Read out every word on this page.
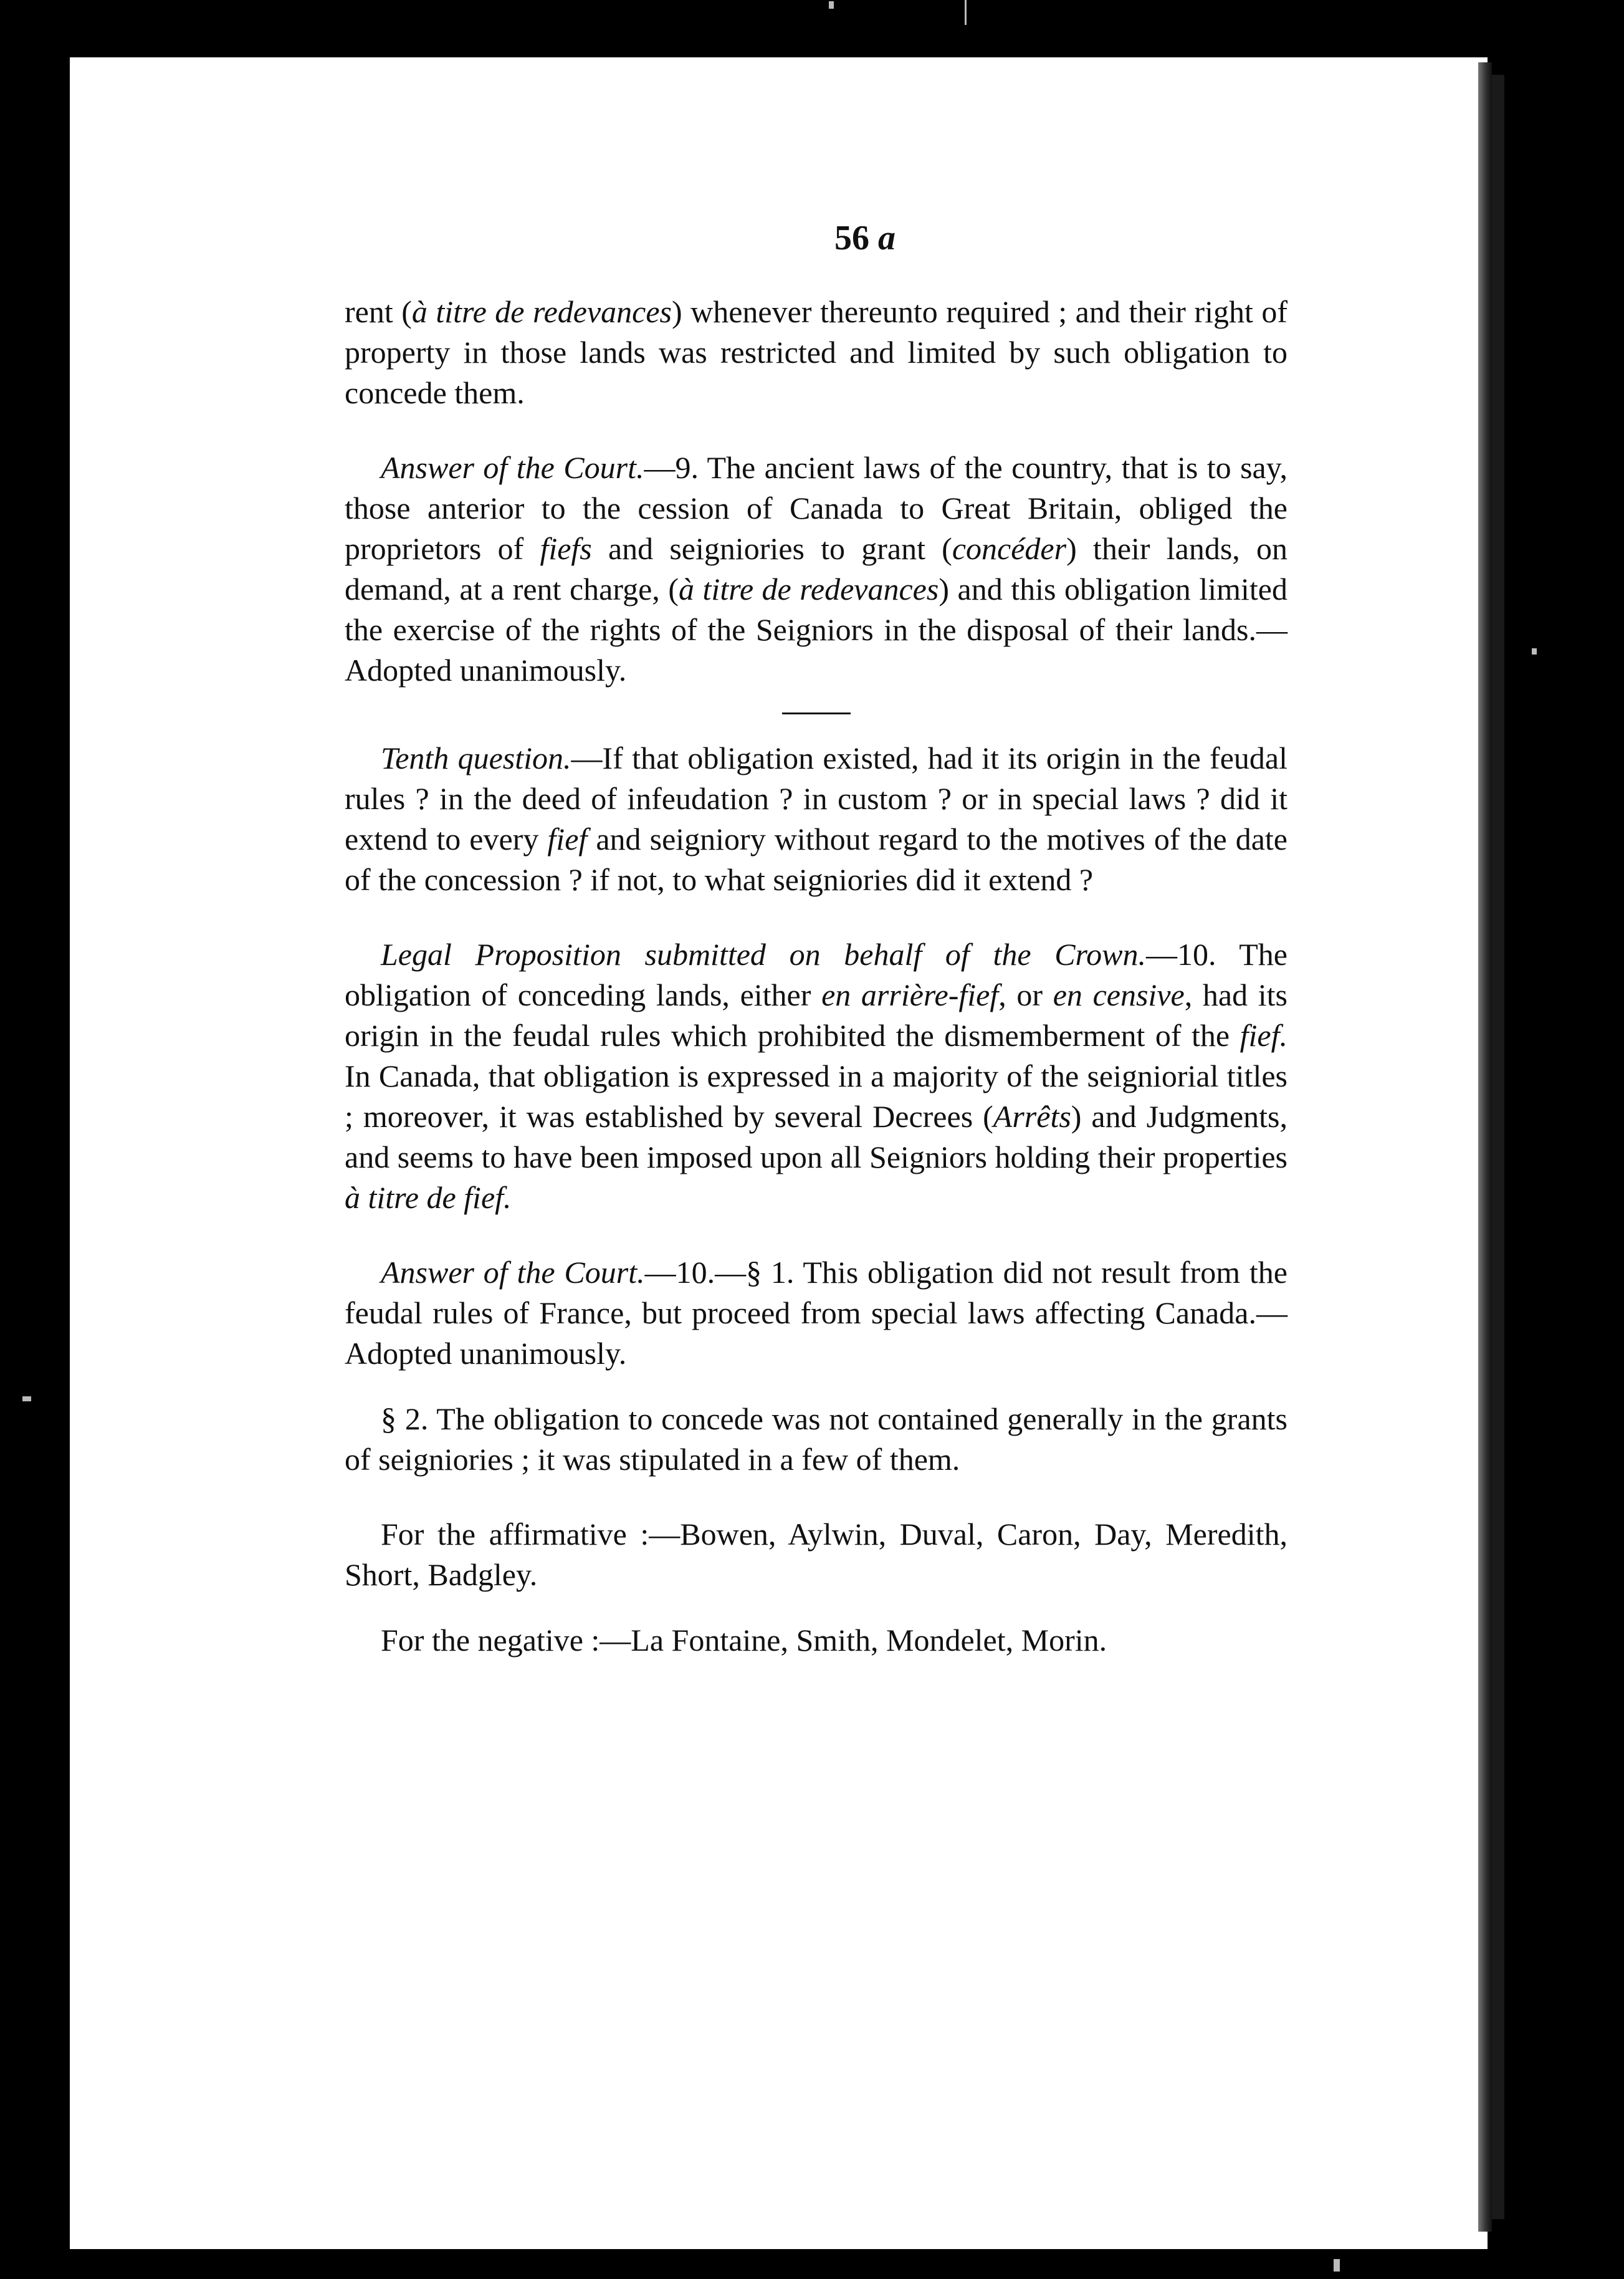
56 a

rent (à titre de redevances) whenever thereunto required ; and their right of property in those lands was restricted and limited by such obligation to concede them.

Answer of the Court.—9. The ancient laws of the country, that is to say, those anterior to the cession of Canada to Great Britain, obliged the proprietors of fiefs and seigniories to grant (concéder) their lands, on demand, at a rent charge, (à titre de redevances) and this obligation limited the exercise of the rights of the Seigniors in the disposal of their lands.—Adopted unanimously.

Tenth question.—If that obligation existed, had it its origin in the feudal rules ? in the deed of infeudation ? in custom ? or in special laws ? did it extend to every fief and seigniory without regard to the motives of the date of the concession ? if not, to what seigniories did it extend ?

Legal Proposition submitted on behalf of the Crown.—10. The obligation of conceding lands, either en arrière-fief, or en censive, had its origin in the feudal rules which prohibited the dismemberment of the fief. In Canada, that obligation is expressed in a majority of the seigniorial titles ; moreover, it was established by several Decrees (Arrêts) and Judgments, and seems to have been imposed upon all Seigniors holding their properties à titre de fief.

Answer of the Court.—10.—§ 1. This obligation did not result from the feudal rules of France, but proceed from special laws affecting Canada.—Adopted unanimously.

§ 2. The obligation to concede was not contained generally in the grants of seigniories ; it was stipulated in a few of them.

For the affirmative :—Bowen, Aylwin, Duval, Caron, Day, Meredith, Short, Badgley.

For the negative :—La Fontaine, Smith, Mondelet, Morin.
